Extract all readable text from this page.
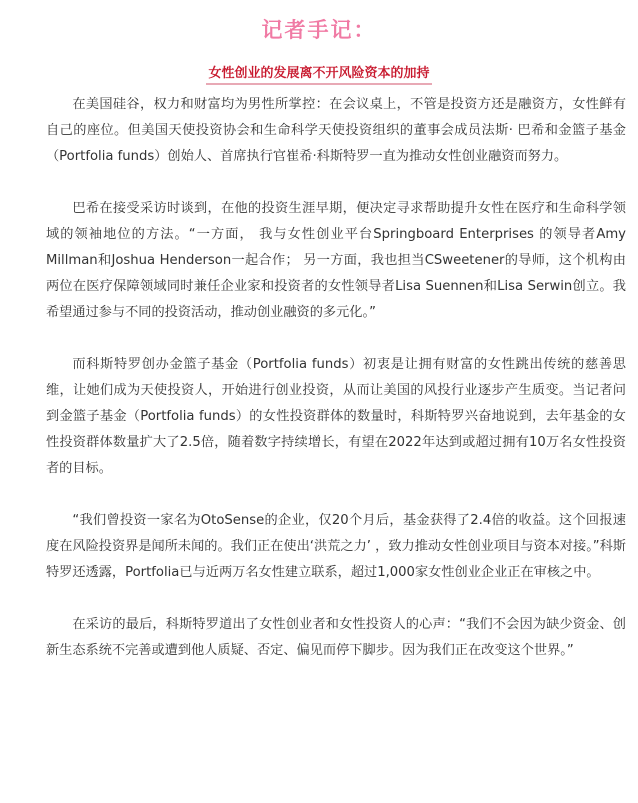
记者手记：
女性创业的发展离不开风险资本的加持

在美国硅谷，权力和财富均为男性所掌控：在会议桌上，不管是投资方还是融资方，女性鲜有自己的座位。但美国天使投资协会和生命科学天使投资组织的董事会成员法斯· 巴希和金篮子基金（Portfolia funds）创始人、首席执行官崔希·科斯特罗一直为推动女性创业融资而努力。

巴希在接受采访时谈到，在他的投资生涯早期，便决定寻求帮助提升女性在医疗和生命科学领域的领袖地位的方法。“一方面， 我与女性创业平台Springboard Enterprises 的领导者Amy Millman和Joshua Henderson一起合作； 另一方面，我也担当CSweetener的导师，这个机构由两位在医疗保障领域同时兼任企业家和投资者的女性领导者Lisa Suennen和Lisa Serwin创立。我希望通过参与不同的投资活动，推动创业融资的多元化。”

而科斯特罗创办金篮子基金（Portfolia funds）初衷是让拥有财富的女性跳出传统的慈善思维，让她们成为天使投资人，开始进行创业投资，从而让美国的风投行业逐步产生质变。当记者问到金篮子基金（Portfolia funds）的女性投资群体的数量时，科斯特罗兴奋地说到，去年基金的女性投资群体数量扩大了2.5倍，随着数字持续增长，有望在2022年达到或超过拥有10万名女性投资者的目标。

“我们曾投资一家名为OtoSense的企业，仅20个月后，基金获得了2.4倍的收益。这个回报速度在风险投资界是闻所未闻的。我们正在使出‘洪荒之力’ ，致力推动女性创业项目与资本对接。”科斯特罗还透露，Portfolia已与近两万名女性建立联系，超过1,000家女性创业企业正在审核之中。

在采访的最后，科斯特罗道出了女性创业者和女性投资人的心声：“我们不会因为缺少资金、创新生态系统不完善或遭到他人质疑、否定、偏见而停下脚步。因为我们正在改变这个世界。”
